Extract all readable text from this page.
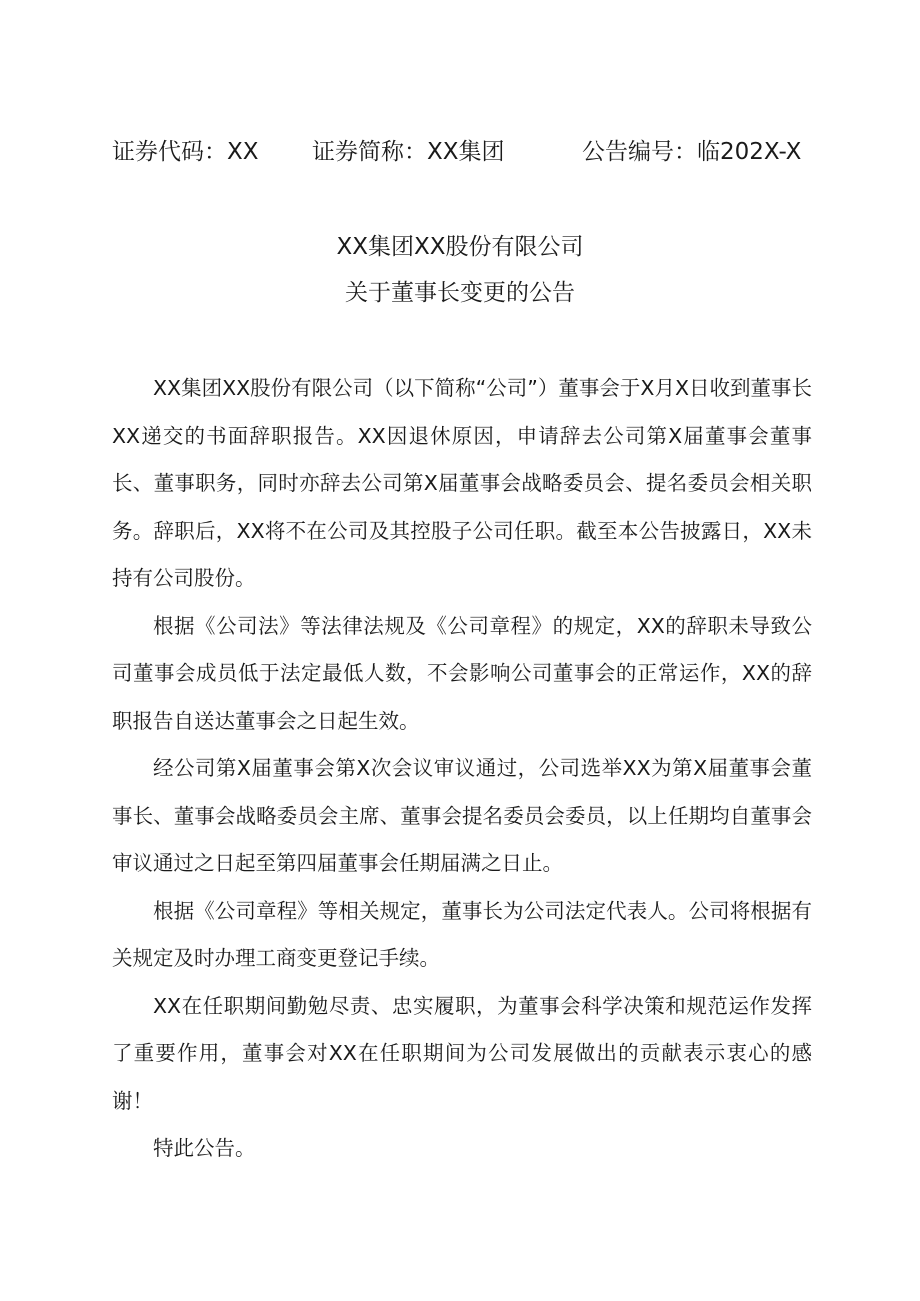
证券代码：XX 证券简称：XX集团	公告编号：临202X-X
XX集团XX股份有限公司
关于董事长变更的公告

XX集团XX股份有限公司（以下简称“公司”）董事会于X月X日收到董事长XX递交的书面辞职报告。XX因退休原因，申请辞去公司第X届董事会董事长、董事职务，同时亦辞去公司第X届董事会战略委员会、提名委员会相关职务。辞职后，XX将不在公司及其控股子公司任职。截至本公告披露日，XX未持有公司股份。

根据《公司法》等法律法规及《公司章程》的规定，XX的辞职未导致公司董事会成员低于法定最低人数，不会影响公司董事会的正常运作，XX的辞职报告自送达董事会之日起生效。

经公司第X届董事会第X次会议审议通过，公司选举XX为第X届董事会董事长、董事会战略委员会主席、董事会提名委员会委员，以上任期均自董事会审议通过之日起至第四届董事会任期届满之日止。

根据《公司章程》等相关规定，董事长为公司法定代表人。公司将根据有关规定及时办理工商变更登记手续。

XX在任职期间勤勉尽责、忠实履职，为董事会科学决策和规范运作发挥了重要作用，董事会对XX在任职期间为公司发展做出的贡献表示衷心的感谢！

特此公告。
